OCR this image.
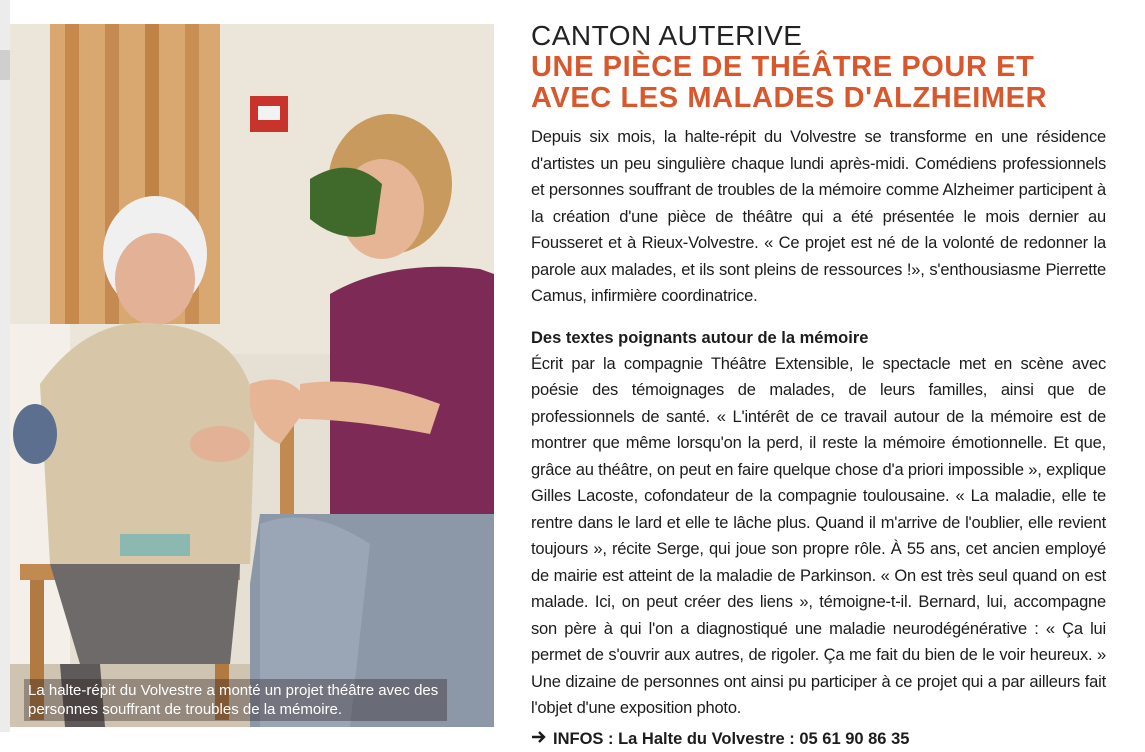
La halte-répit du Volvestre a monté un projet théâtre avec des personnes souffrant de troubles de la mémoire.
CANTON AUTERIVE
UNE PIÈCE DE THÉÂTRE POUR ET
AVEC LES MALADES D'ALZHEIMER

Depuis six mois, la halte-répit du Volvestre se transforme en une résidence d'artistes un peu singulière chaque lundi après-midi. Comédiens professionnels et personnes souffrant de troubles de la mémoire comme Alzheimer participent à la création d'une pièce de théâtre qui a été présentée le mois dernier au Fousseret et à Rieux-Volvestre. « Ce projet est né de la volonté de redonner la parole aux malades, et ils sont pleins de ressources !», s'enthousiasme Pierrette Camus, infirmière coordinatrice.

Des textes poignants autour de la mémoire

Écrit par la compagnie Théâtre Extensible, le spectacle met en scène avec poésie des témoignages de malades, de leurs familles, ainsi que de professionnels de santé. « L'intérêt de ce travail autour de la mémoire est de montrer que même lorsqu'on la perd, il reste la mémoire émotionnelle. Et que, grâce au théâtre, on peut en faire quelque chose d'a priori impossible », explique Gilles Lacoste, cofondateur de la compagnie toulousaine. « La maladie, elle te rentre dans le lard et elle te lâche plus. Quand il m'arrive de l'oublier, elle revient toujours », récite Serge, qui joue son propre rôle. À 55 ans, cet ancien employé de mairie est atteint de la maladie de Parkinson. « On est très seul quand on est malade. Ici, on peut créer des liens », témoigne-t-il. Bernard, lui, accompagne son père à qui l'on a diagnostiqué une maladie neurodégénérative : « Ça lui permet de s'ouvrir aux autres, de rigoler. Ça me fait du bien de le voir heureux. » Une dizaine de personnes ont ainsi pu participer à ce projet qui a par ailleurs fait l'objet d'une exposition photo.

INFOS : La Halte du Volvestre : 05 61 90 86 35
